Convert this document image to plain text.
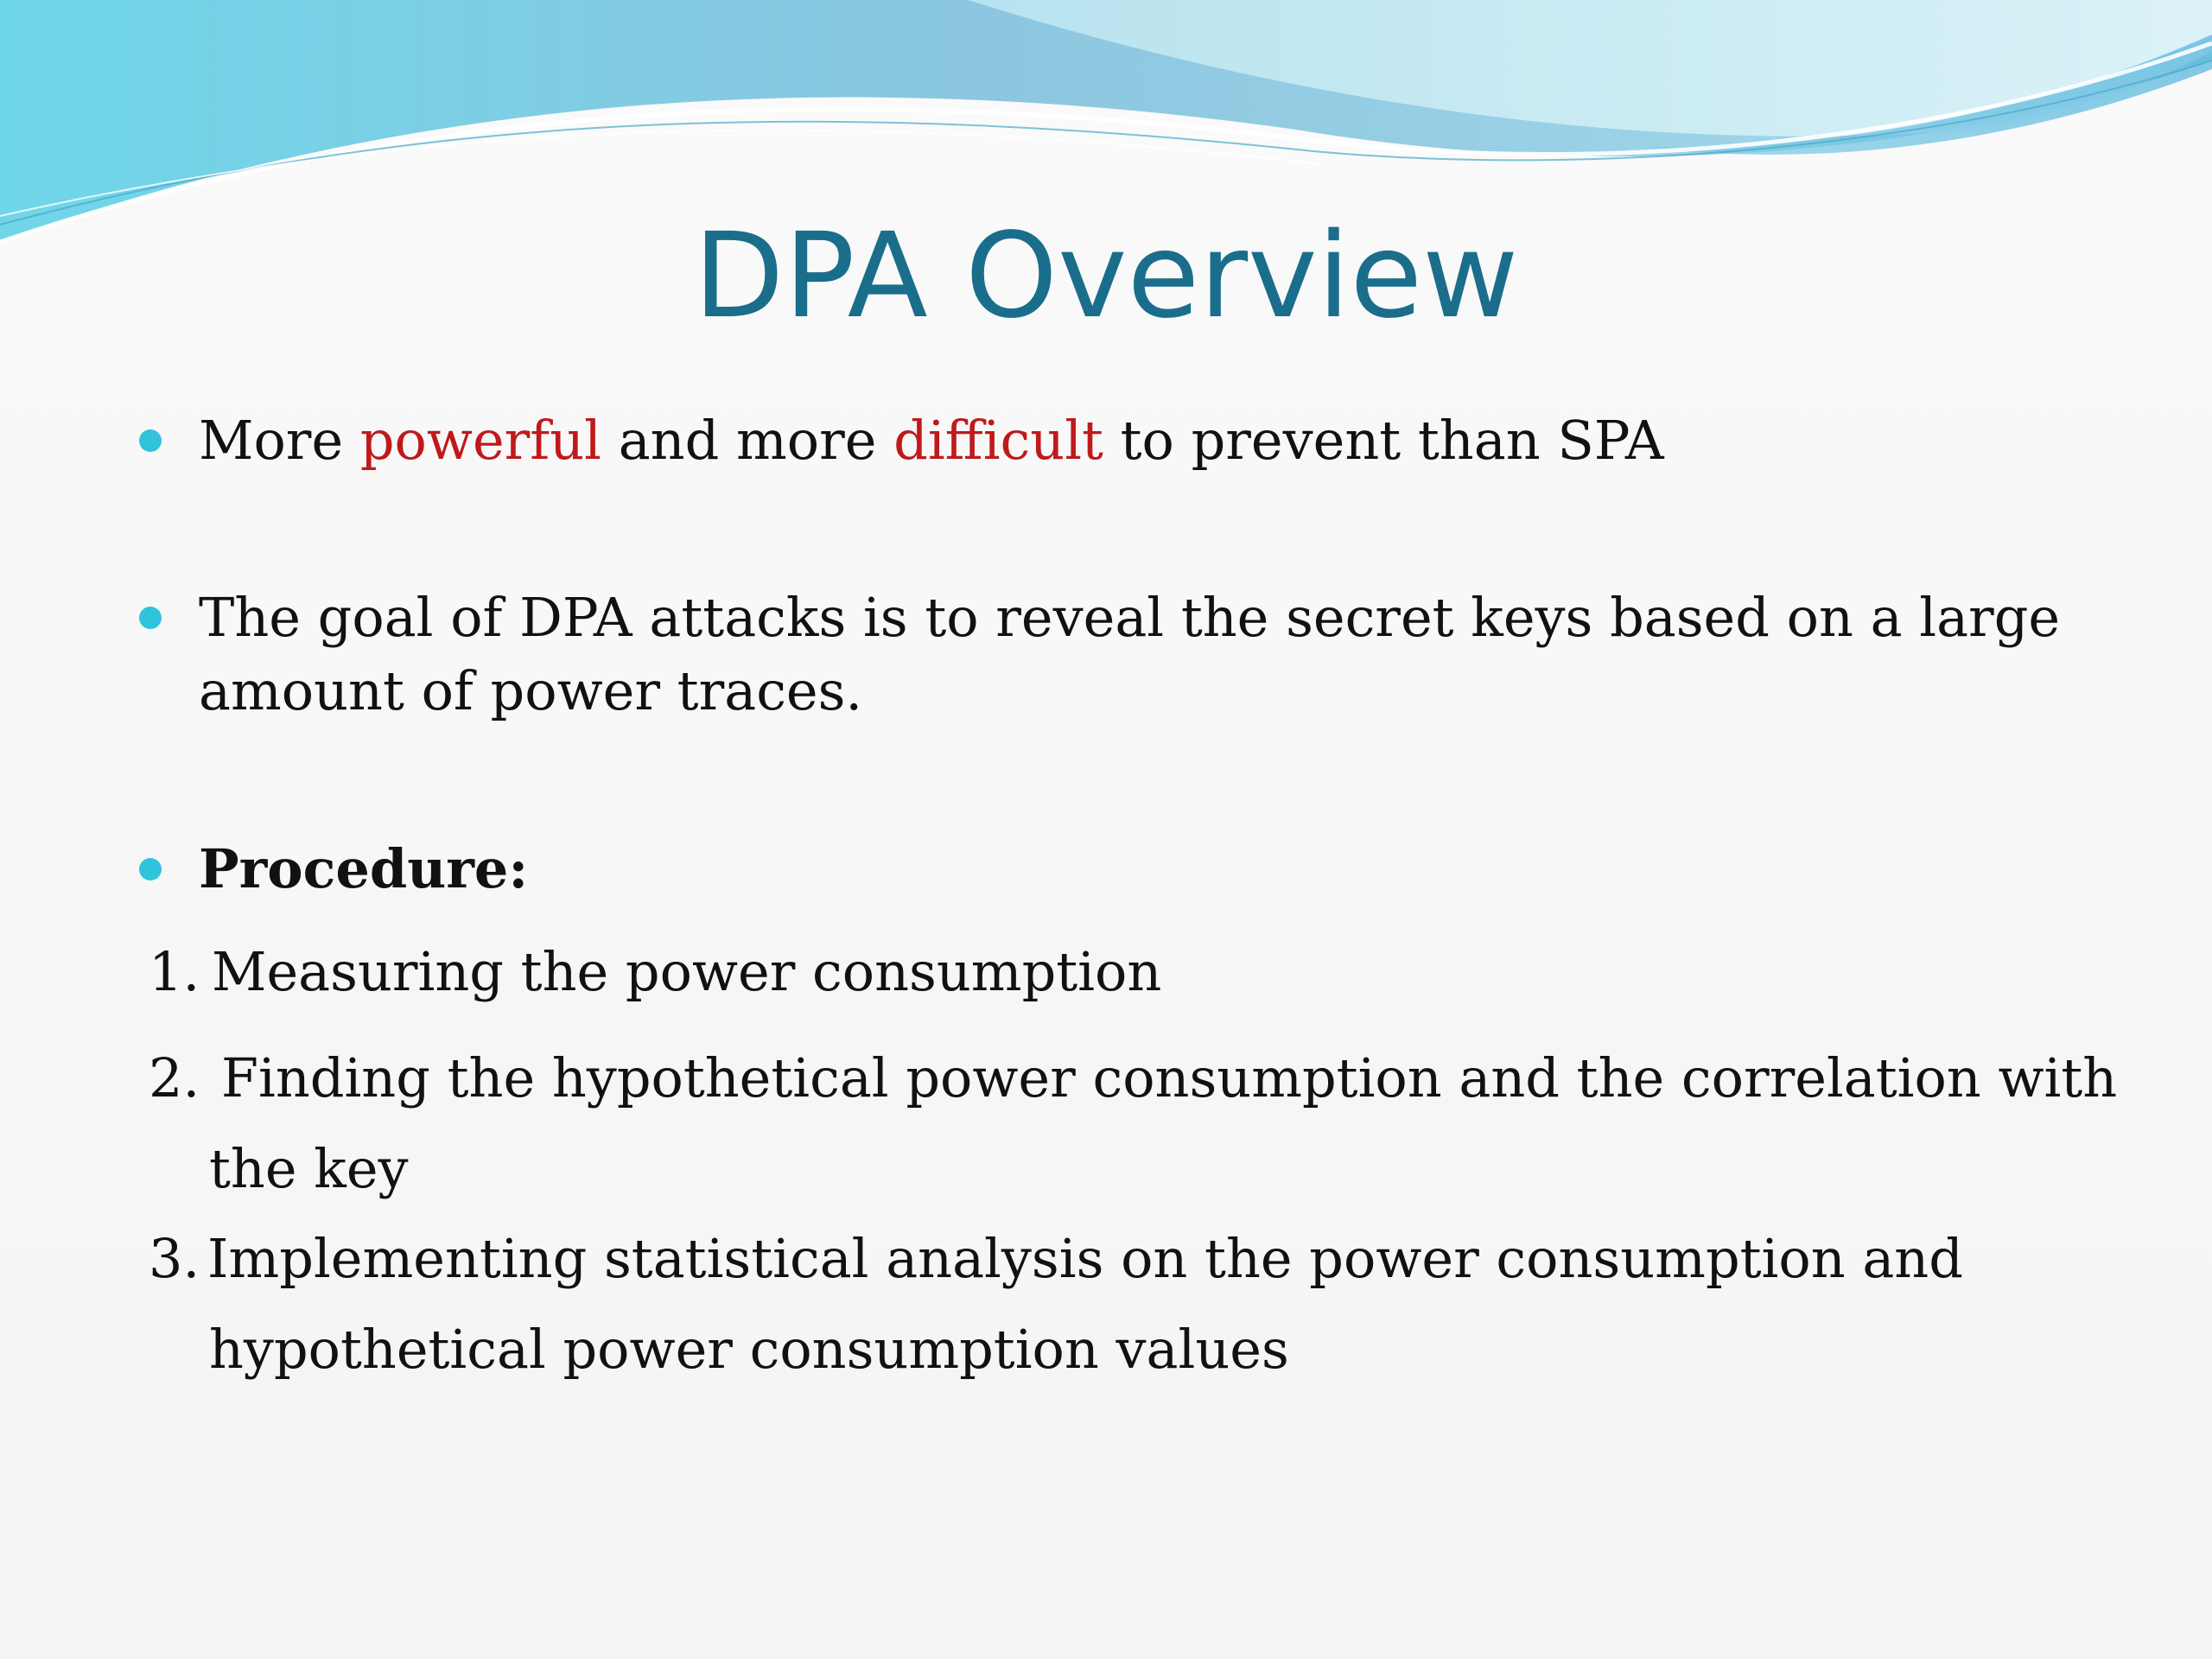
DPA Overview
More powerful and more difficult to prevent than SPA
The goal of DPA attacks is to reveal the secret keys based on a large
amount of power traces.
Procedure:
1. Measuring the power consumption
2. Finding the hypothetical power consumption and the correlation with
the key
3. Implementing statistical analysis on the power consumption and
hypothetical power consumption values
